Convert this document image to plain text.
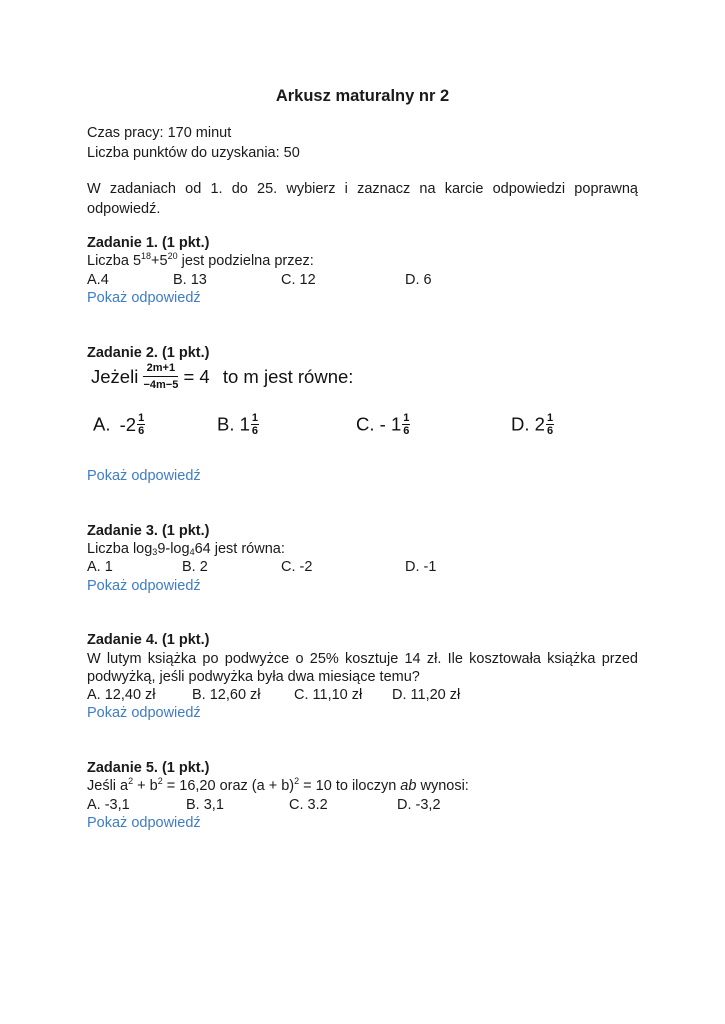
Arkusz maturalny nr 2
Czas pracy: 170 minut
Liczba punktów do uzyskania: 50
W zadaniach od 1. do 25. wybierz i zaznacz na karcie odpowiedzi poprawną odpowiedź.
Zadanie 1. (1 pkt.)
Liczba $5^{18}+5^{20}$ jest podzielna przez:
A.4	B. 13	C. 12	D. 6
Pokaż odpowiedź
Zadanie 2. (1 pkt.)
Jeżeli $\frac{2m+1}{-4m-5} = 4$ to m jest równe:
A. $-2 \frac{1}{6}$	B. $1 \frac{1}{6}$	C. - $1 \frac{1}{6}$	D. $2 \frac{1}{6}$
Pokaż odpowiedź
Zadanie 3. (1 pkt.)
Liczba $\log_39-\log_464$ jest równa:
A. 1	B. 2	C. -2	D. -1
Pokaż odpowiedź
Zadanie 4. (1 pkt.)
W lutym książka po podwyżce o 25% kosztuje 14 zł. Ile kosztowała książka przed
podwyżką, jeśli podwyżka była dwa miesiące temu?
A. 12,40 zł	B. 12,60 zł C. 11,10 zł D. 11,20 zł
Pokaż odpowiedź
Zadanie 5. (1 pkt.)
Jeśli $a^2 + b^2 = 16,20$ oraz $(a + b)^2 = 10$ to iloczyn ab wynosi:
A. -3,1	B. 3,1	C. 3.2	D. -3,2
Pokaż odpowiedź
